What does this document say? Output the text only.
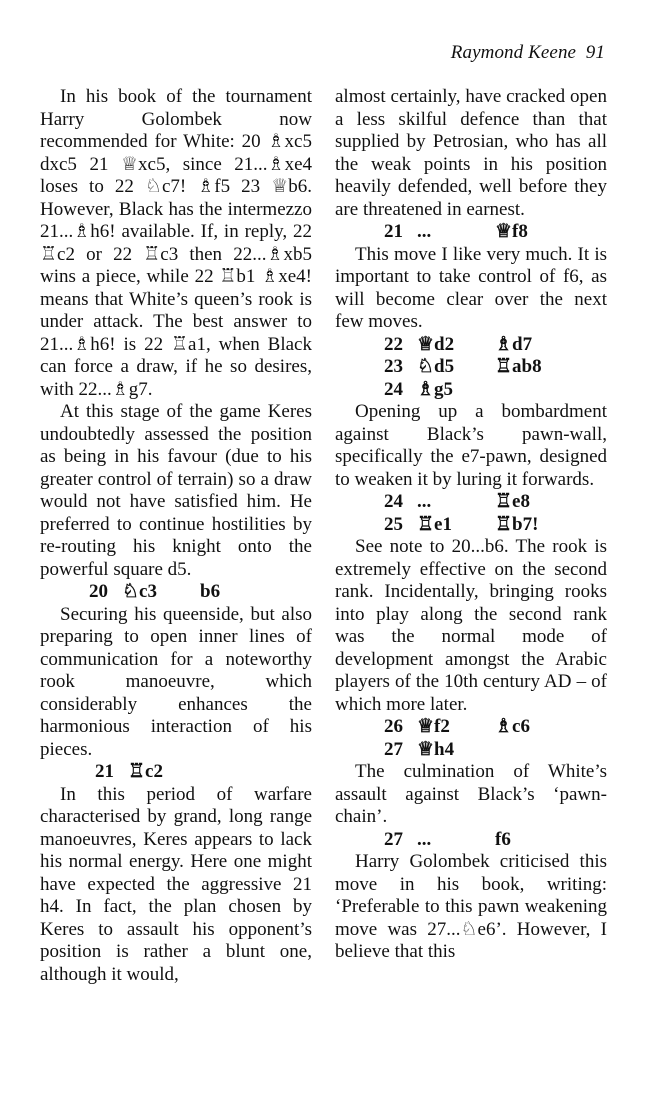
Raymond Keene 91

In his book of the tournament Harry Golombek now recommended for White: 20 ♗xc5 dxc5 21 ♕xc5, since 21...♗xe4 loses to 22 ♘c7! ♗f5 23 ♕b6. However, Black has the intermezzo 21...♗h6! available. If, in reply, 22 ♖c2 or 22 ♖c3 then 22...♗xb5 wins a piece, while 22 ♖b1 ♗xe4! means that White’s queen’s rook is under attack. The best answer to 21...♗h6! is 22 ♖a1, when Black can force a draw, if he so desires, with 22...♗g7.

At this stage of the game Keres undoubtedly assessed the position as being in his favour (due to his greater control of terrain) so a draw would not have satisfied him. He preferred to continue hostilities by re-routing his knight onto the powerful square d5.

20 ♘c3	b6

Securing his queenside, but also preparing to open inner lines of communication for a noteworthy rook manoeuvre, which considerably enhances the harmonious interaction of his pieces.

21 ♖c2

In this period of warfare characterised by grand, long range manoeuvres, Keres appears to lack his normal energy. Here one might have expected the aggressive 21 h4. In fact, the plan chosen by Keres to assault his opponent’s position is rather a blunt one, although it would,

almost certainly, have cracked open a less skilful defence than that supplied by Petrosian, who has all the weak points in his position heavily defended, well before they are threatened in earnest.

21 ...	♕f8

This move I like very much. It is important to take control of f6, as will become clear over the next few moves.

22 ♕d2	♗d7
23 ♘d5	♖ab8
24 ♗g5

Opening up a bombardment against Black’s pawn-wall, specifically the e7-pawn, designed to weaken it by luring it forwards.

24 ...	♖e8
25 ♖e1	♖b7!

See note to 20...b6. The rook is extremely effective on the second rank. Incidentally, bringing rooks into play along the second rank was the normal mode of development amongst the Arabic players of the 10th century AD – of which more later.

26 ♕f2	♗c6
27 ♕h4

The culmination of White’s assault against Black’s ‘pawn-chain’.

27 ...	f6

Harry Golombek criticised this move in his book, writing: ‘Preferable to this pawn weakening move was 27...♘e6’. However, I believe that this
